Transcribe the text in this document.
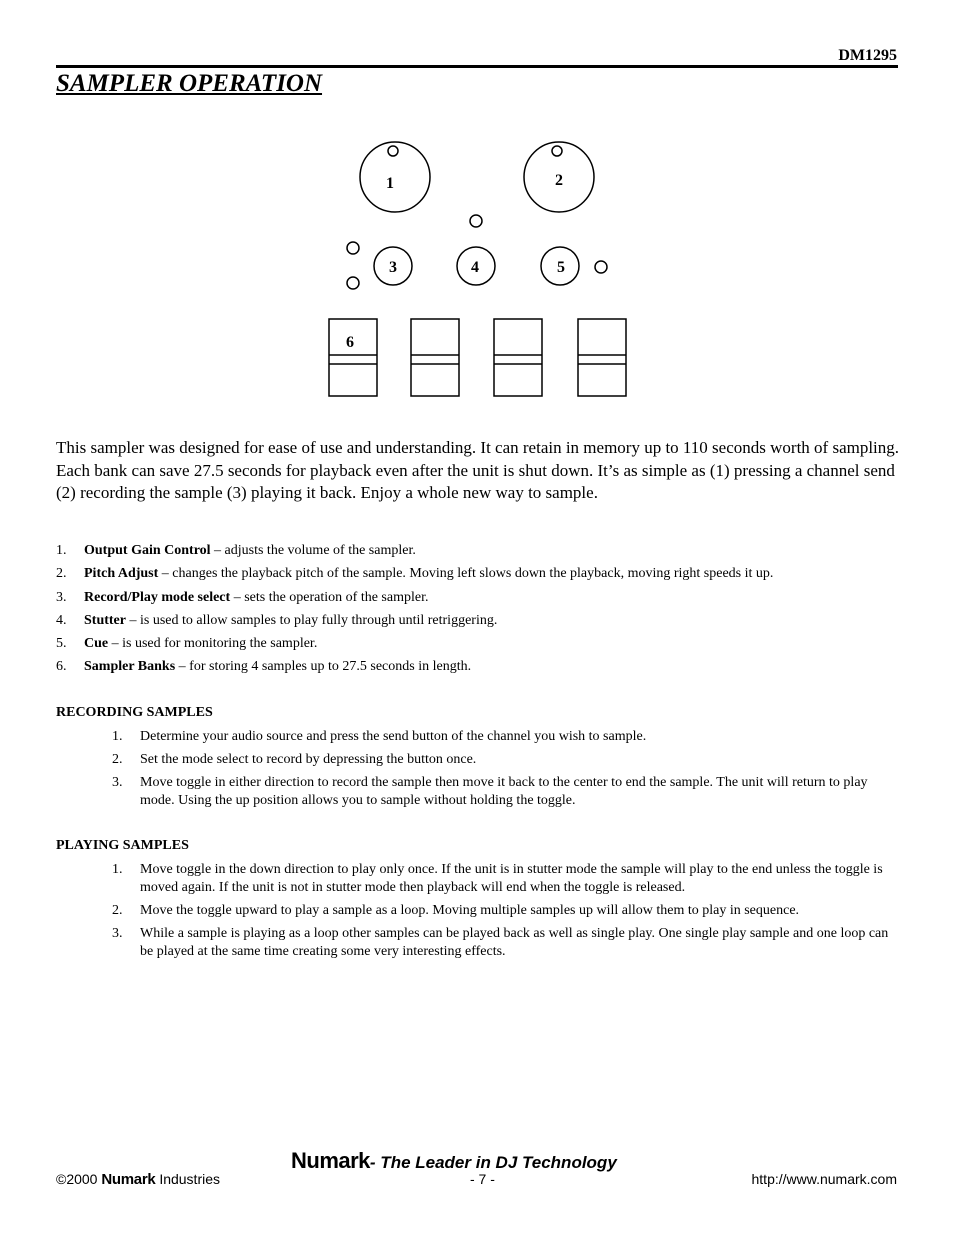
DM1295
SAMPLER OPERATION
1	2
3	4	5
6

This sampler was designed for ease of use and understanding. It can retain in memory up to 110 seconds worth of sampling. Each bank can save 27.5 seconds for playback even after the unit is shut down. It’s as simple as (1) pressing a channel send (2) recording the sample (3) playing it back. Enjoy a whole new way to sample.

1.	Output Gain Control – adjusts the volume of the sampler.
2.	Pitch Adjust – changes the playback pitch of the sample. Moving left slows down the playback, moving right speeds it up.
3.	Record/Play mode select – sets the operation of the sampler.
4.	Stutter – is used to allow samples to play fully through until retriggering.
5.	Cue – is used for monitoring the sampler.
6.	Sampler Banks – for storing 4 samples up to 27.5 seconds in length.
RECORDING SAMPLES
1.	Determine your audio source and press the send button of the channel you wish to sample.
2.	Set the mode select to record by depressing the button once.
3.	Move toggle in either direction to record the sample then move it back to the center to end the sample. The unit will return to play mode. Using the up position allows you to sample without holding the toggle.
PLAYING SAMPLES
1.	Move toggle in the down direction to play only once. If the unit is in stutter mode the sample will play to the end unless the toggle is moved again. If the unit is not in stutter mode then playback will end when the toggle is released.
2.	Move the toggle upward to play a sample as a loop. Moving multiple samples up will allow them to play in sequence.
3.	While a sample is playing as a loop other samples can be played back as well as single play. One single play sample and one loop can be played at the same time creating some very interesting effects.
Numark- The Leader in DJ Technology
©2000 Numark Industries	- 7 -	http://www.numark.com
